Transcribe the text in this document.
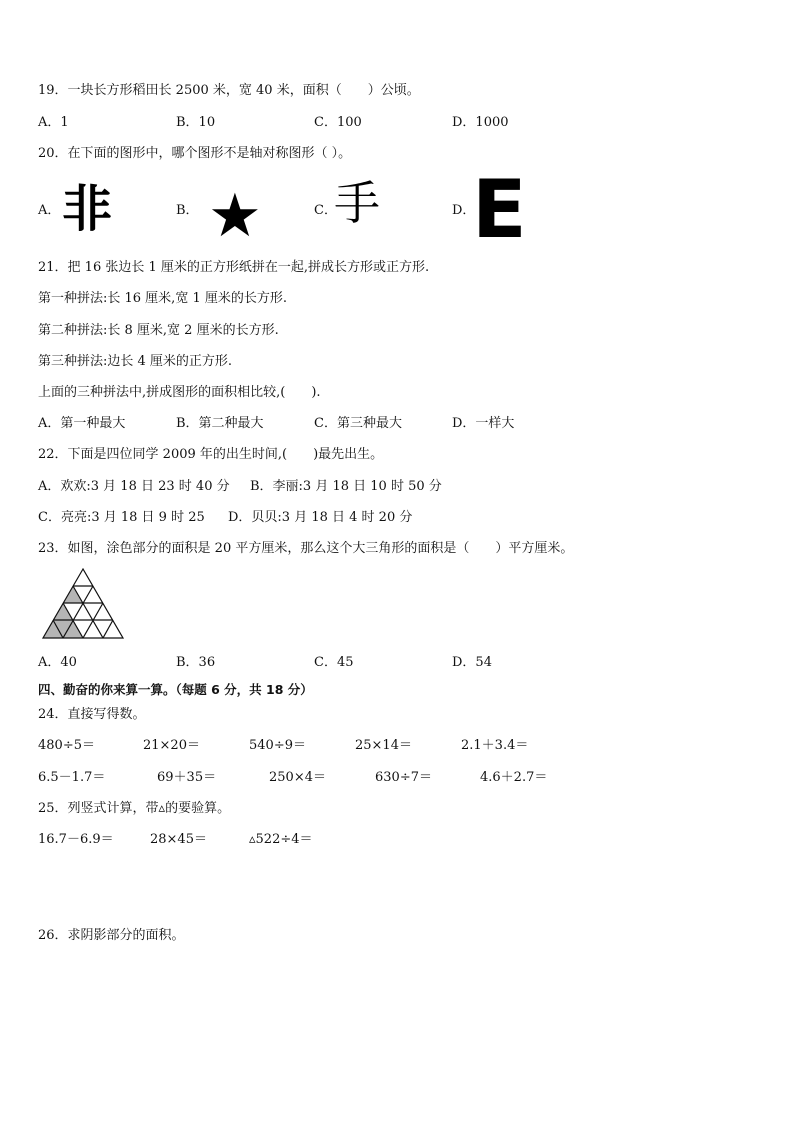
19．一块长方形稻田长 2500 米，宽 40 米，面积（　　）公顷。
A．1	B．10	C．100	D．1000
20．在下面的图形中，哪个图形不是轴对称图形（ ）。
A． 非	B． ★	C．
手	D．
E
21．把 16 张边长 1 厘米的正方形纸拼在一起,拼成长方形或正方形.
第一种拼法:长 16 厘米,宽 1 厘米的长方形.
第二种拼法:长 8 厘米,宽 2 厘米的长方形.
第三种拼法:边长 4 厘米的正方形.
上面的三种拼法中,拼成图形的面积相比较,(　　).
A．第一种最大	B．第二种最大	C．第三种最大	D．一样大
22．下面是四位同学 2009 年的出生时间,(　　)最先出生。
A．欢欢:3 月 18 日 23 时 40 分 B．李丽:3 月 18 日 10 时 50 分
C．亮亮:3 月 18 日 9 时 25 D．贝贝:3 月 18 日 4 时 20 分
23．如图，涂色部分的面积是 20 平方厘米，那么这个大三角形的面积是（　　）平方厘米。
A．40	B．36	C．45	D．54
四、勤奋的你来算一算。（每题 6 分，共 18 分）
24．直接写得数。
480÷5＝	21×20＝	540÷9＝	25×14＝	2.1＋3.4＝
6.5－1.7＝	69＋35＝	250×4＝	630÷7＝	4.6＋2.7＝
25．列竖式计算，带▵的要验算。
16.7－6.9＝	28×45＝	▵522÷4＝
26．求阴影部分的面积。
